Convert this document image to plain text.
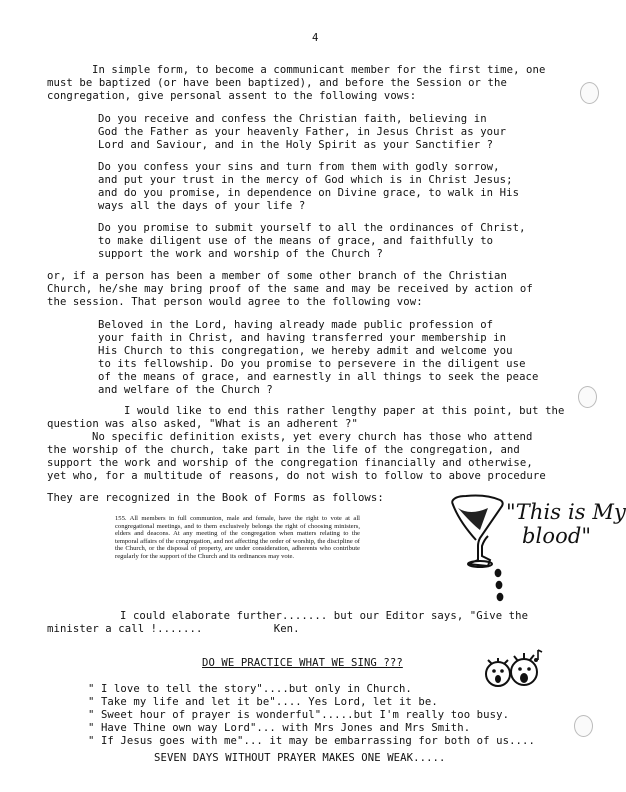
4
In simple form, to become a communicant member for the first time, one
must be baptized (or have been baptized), and before the Session or the
congregation, give personal assent to the following vows:
Do you receive and confess the Christian faith, believing in
God the Father as your heavenly Father, in Jesus Christ as your
Lord and Saviour, and in the Holy Spirit as your Sanctifier ?
Do you confess your sins and turn from them with godly sorrow,
and put your trust in the mercy of God which is in Christ Jesus;
and do you promise, in dependence on Divine grace, to walk in His
ways all the days of your life ?
Do you promise to submit yourself to all the ordinances of Christ,
to make diligent use of the means of grace, and faithfully to
support the work and worship of the Church ?
or, if a person has been a member of some other branch of the Christian
Church, he/she may bring proof of the same and may be received by action of
the session. That person would agree to the following vow:
Beloved in the Lord, having already made public profession of
your faith in Christ, and having transferred your membership in
His Church to this congregation, we hereby admit and welcome you
to its fellowship. Do you promise to persevere in the diligent use
of the means of grace, and earnestly in all things to seek the peace
and welfare of the Church ?
I would like to end this rather lengthy paper at this point, but the
question was also asked, "What is an adherent ?"
No specific definition exists, yet every church has those who attend
the worship of the church, take part in the life of the congregation, and
support the work and worship of the congregation financially and otherwise,
yet who, for a multitude of reasons, do not wish to follow to above procedure
They are recognized in the Book of Forms as follows:
155. All members in full communion, male and female, have the right to vote at all congregational meetings, and to them exclusively belongs the right of choosing ministers, elders and deacons. At any meeting of the congregation when matters relating to the temporal affairs of the congregation, and not affecting the order of worship, the discipline of the Church, or the disposal of property, are under consideration, adherents who contribute regularly for the support of the Church and its ordinances may vote.
"This is My
blood"
I could elaborate further....... but our Editor says, "Give the
minister a call !.......           Ken.
DO WE PRACTICE WHAT WE SING ???
" I love to tell the story"....but only in Church.
" Take my life and let it be".... Yes Lord, let it be.
" Sweet hour of prayer is wonderful".....but I'm really too busy.
" Have Thine own way Lord"... with Mrs Jones and Mrs Smith.
" If Jesus goes with me"... it may be embarrassing for both of us....
SEVEN DAYS WITHOUT PRAYER MAKES ONE WEAK.....
